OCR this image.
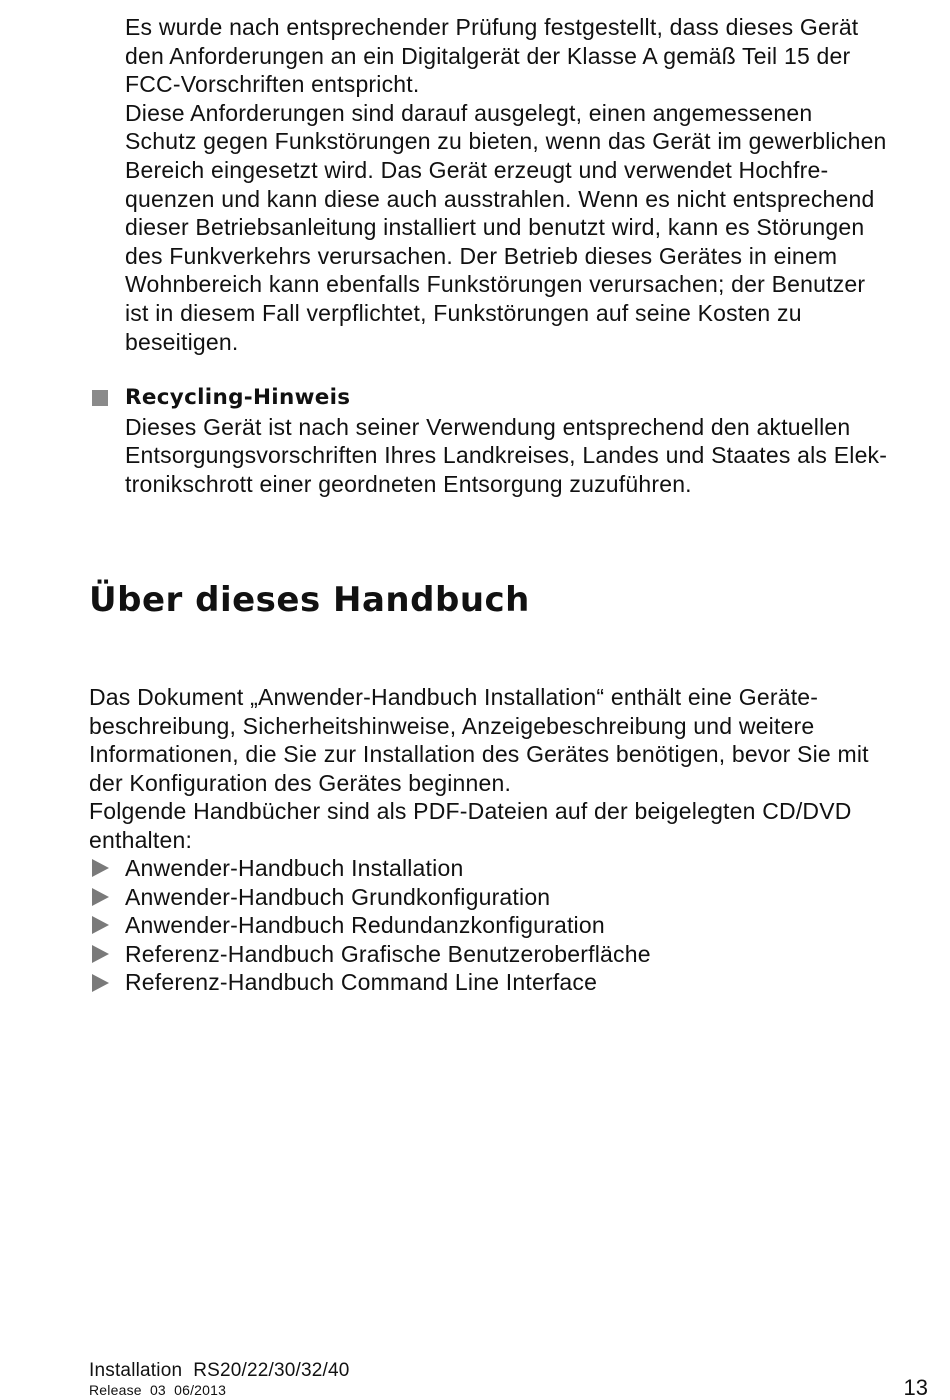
Es wurde nach entsprechender Prüfung festgestellt, dass dieses Gerät

den Anforderungen an ein Digitalgerät der Klasse A gemäß Teil 15 der

FCC-Vorschriften entspricht.

Diese Anforderungen sind darauf ausgelegt, einen angemessenen

Schutz gegen Funkstörungen zu bieten, wenn das Gerät im gewerblichen

Bereich eingesetzt wird. Das Gerät erzeugt und verwendet Hochfre-

quenzen und kann diese auch ausstrahlen. Wenn es nicht entsprechend

dieser Betriebsanleitung installiert und benutzt wird, kann es Störungen

des Funkverkehrs verursachen. Der Betrieb dieses Gerätes in einem

Wohnbereich kann ebenfalls Funkstörungen verursachen; der Benutzer

ist in diesem Fall verpflichtet, Funkstörungen auf seine Kosten zu

beseitigen.

Recycling-Hinweis

Dieses Gerät ist nach seiner Verwendung entsprechend den aktuellen

Entsorgungsvorschriften Ihres Landkreises, Landes und Staates als Elek-

tronikschrott einer geordneten Entsorgung zuzuführen.

Über dieses Handbuch

Das Dokument „Anwender-Handbuch Installation“ enthält eine Geräte-

beschreibung, Sicherheitshinweise, Anzeigebeschreibung und weitere

Informationen, die Sie zur Installation des Gerätes benötigen, bevor Sie mit

der Konfiguration des Gerätes beginnen.

Folgende Handbücher sind als PDF-Dateien auf der beigelegten CD/DVD

enthalten:

Anwender-Handbuch Installation
Anwender-Handbuch Grundkonfiguration
Anwender-Handbuch Redundanzkonfiguration
Referenz-Handbuch Grafische Benutzeroberfläche
Referenz-Handbuch Command Line Interface
Installation  RS20/22/30/32/40
Release  03  06/2013	13
